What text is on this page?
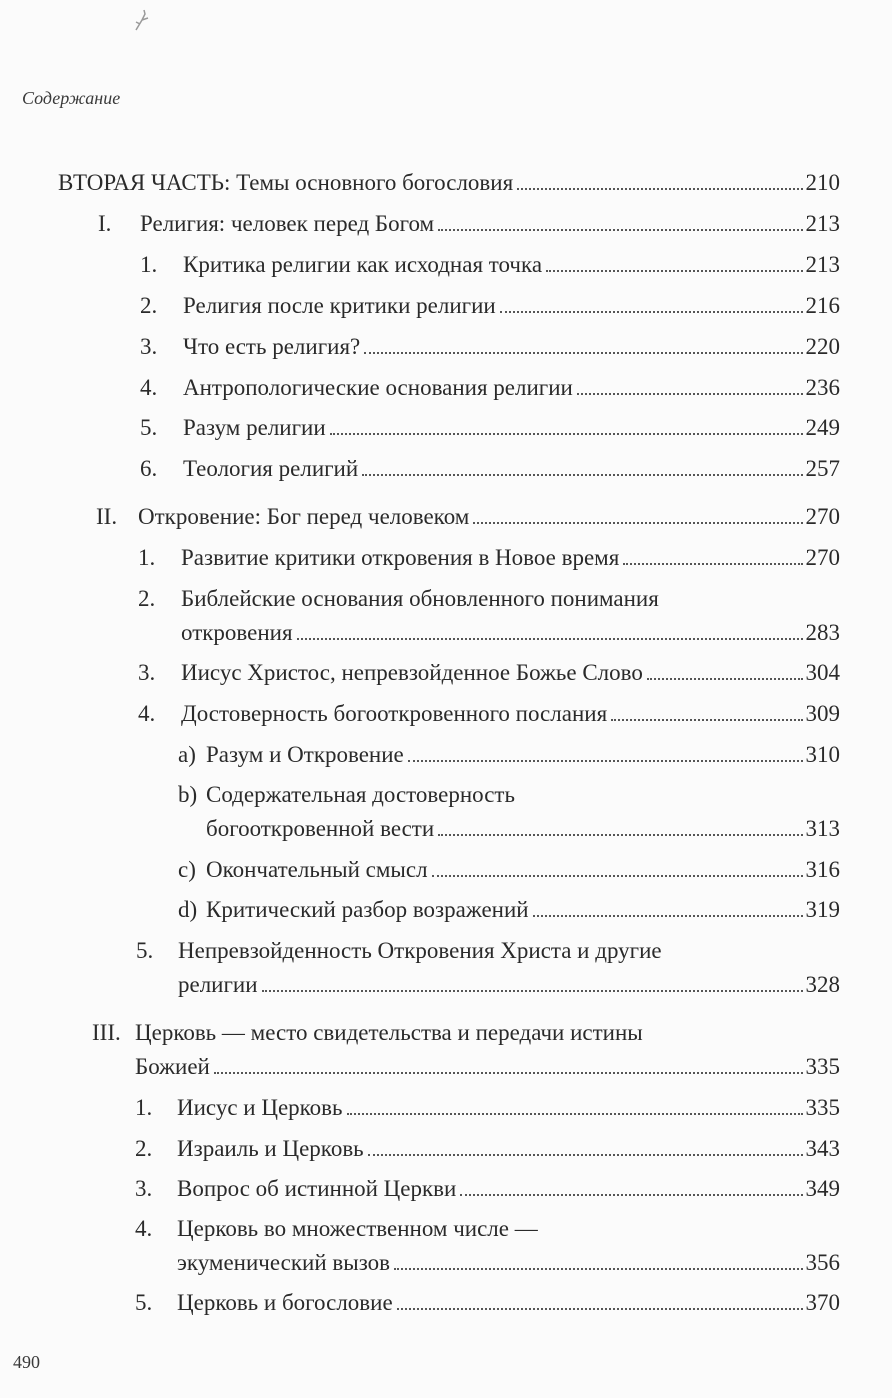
Содержание
ВТОРАЯ ЧАСТЬ: Темы основного богословия	210
I.	Религия: человек перед Богом	213
1.	Критика религии как исходная точка	213
2.	Религия после критики религии	216
3.	Что есть религия?	220
4.	Антропологические основания религии	236
5.	Разум религии	249
6.	Теология религий	257
II. Откровение: Бог перед человеком	270
1.	Развитие критики откровения в Новое время	270
2.	Библейские основания обновленного понимания
откровения	283
3.	Иисус Христос, непревзойденное Божье Слово	304
4.	Достоверность богооткровенного послания	309
a) Разум и Откровение	310
b) Содержательная достоверность
богооткровенной вести	313
c) Окончательный смысл	316
d) Критический разбор возражений	319
5.	Непревзойденность Откровения Христа и другие
религии	328
III. Церковь — место свидетельства и передачи истины
Божией	335
1.	Иисус и Церковь	335
2.	Израиль и Церковь	343
3.	Вопрос об истинной Церкви	349
4.	Церковь во множественном числе —
экуменический вызов	356
5.	Церковь и богословие	370
490
